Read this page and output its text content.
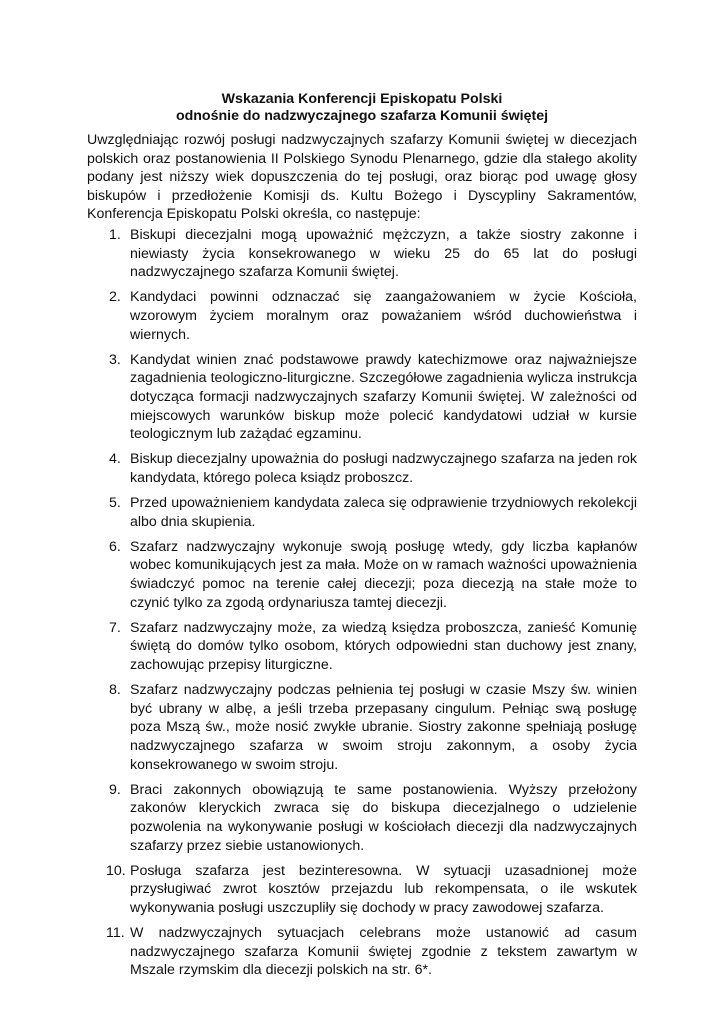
Wskazania Konferencji Episkopatu Polski
odnośnie do nadzwyczajnego szafarza Komunii świętej

Uwzględniając rozwój posługi nadzwyczajnych szafarzy Komunii świętej w diecezjach polskich oraz postanowienia II Polskiego Synodu Plenarnego, gdzie dla stałego akolity podany jest niższy wiek dopuszczenia do tej posługi, oraz biorąc pod uwagę głosy biskupów i przedłożenie Komisji ds. Kultu Bożego i Dyscypliny Sakramentów, Konferencja Episkopatu Polski określa, co następuje:

1. Biskupi diecezjalni mogą upoważnić mężczyzn, a także siostry zakonne i niewiasty życia konsekrowanego w wieku 25 do 65 lat do posługi nadzwyczajnego szafarza Komunii świętej.
2. Kandydaci powinni odznaczać się zaangażowaniem w życie Kościoła, wzorowym życiem moralnym oraz poważaniem wśród duchowieństwa i wiernych.
3. Kandydat winien znać podstawowe prawdy katechizmowe oraz najważniejsze zagadnienia teologiczno-liturgiczne. Szczegółowe zagadnienia wylicza instrukcja dotycząca formacji nadzwyczajnych szafarzy Komunii świętej. W zależności od miejscowych warunków biskup może polecić kandydatowi udział w kursie teologicznym lub zażądać egzaminu.
4. Biskup diecezjalny upoważnia do posługi nadzwyczajnego szafarza na jeden rok kandydata, którego poleca ksiądz proboszcz.
5. Przed upoważnieniem kandydata zaleca się odprawienie trzydniowych rekolekcji albo dnia skupienia.
6. Szafarz nadzwyczajny wykonuje swoją posługę wtedy, gdy liczba kapłanów wobec komunikujących jest za mała. Może on w ramach ważności upoważnienia świadczyć pomoc na terenie całej diecezji; poza diecezją na stałe może to czynić tylko za zgodą ordynariusza tamtej diecezji.
7. Szafarz nadzwyczajny może, za wiedzą księdza proboszcza, zanieść Komunię świętą do domów tylko osobom, których odpowiedni stan duchowy jest znany, zachowując przepisy liturgiczne.
8. Szafarz nadzwyczajny podczas pełnienia tej posługi w czasie Mszy św. winien być ubrany w albę, a jeśli trzeba przepasany cingulum. Pełniąc swą posługę poza Mszą św., może nosić zwykłe ubranie. Siostry zakonne spełniają posługę nadzwyczajnego szafarza w swoim stroju zakonnym, a osoby życia konsekrowanego w swoim stroju.
9. Braci zakonnych obowiązują te same postanowienia. Wyższy przełożony zakonów kleryckich zwraca się do biskupa diecezjalnego o udzielenie pozwolenia na wykonywanie posługi w kościołach diecezji dla nadzwyczajnych szafarzy przez siebie ustanowionych.
10. Posługa szafarza jest bezinteresowna. W sytuacji uzasadnionej może przysługiwać zwrot kosztów przejazdu lub rekompensata, o ile wskutek wykonywania posługi uszczupliły się dochody w pracy zawodowej szafarza.
11. W nadzwyczajnych sytuacjach celebrans może ustanowić ad casum nadzwyczajnego szafarza Komunii świętej zgodnie z tekstem zawartym w Mszale rzymskim dla diecezji polskich na str. 6*.
